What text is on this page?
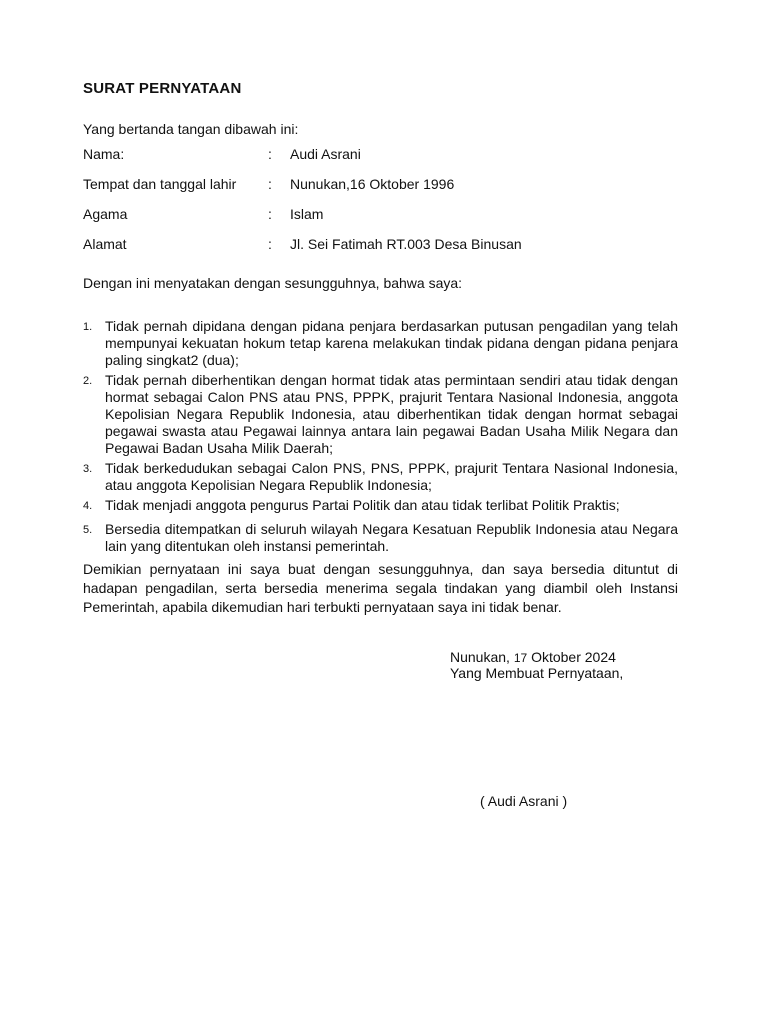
SURAT PERNYATAAN
Yang bertanda tangan dibawah ini:
Nama:	: Audi Asrani
Tempat dan tanggal lahir : Nunukan,16 Oktober 1996
Agama	: Islam
Alamat	: Jl. Sei Fatimah RT.003 Desa Binusan
Dengan ini menyatakan dengan sesungguhnya, bahwa saya:
1. Tidak pernah dipidana dengan pidana penjara berdasarkan putusan pengadilan yang telah mempunyai kekuatan hokum tetap karena melakukan tindak pidana dengan pidana penjara paling singkat2 (dua);
2. Tidak pernah diberhentikan dengan hormat tidak atas permintaan sendiri atau tidak dengan hormat sebagai Calon PNS atau PNS, PPPK, prajurit Tentara Nasional Indonesia, anggota Kepolisian Negara Republik Indonesia, atau diberhentikan tidak dengan hormat sebagai pegawai swasta atau Pegawai lainnya antara lain pegawai Badan Usaha Milik Negara dan Pegawai Badan Usaha Milik Daerah;
3. Tidak berkedudukan sebagai Calon PNS, PNS, PPPK, prajurit Tentara Nasional Indonesia, atau anggota Kepolisian Negara Republik Indonesia;
4. Tidak menjadi anggota pengurus Partai Politik dan atau tidak terlibat Politik Praktis;
5. Bersedia ditempatkan di seluruh wilayah Negara Kesatuan Republik Indonesia atau Negara lain yang ditentukan oleh instansi pemerintah.
Demikian pernyataan ini saya buat dengan sesungguhnya, dan saya bersedia dituntut di hadapan pengadilan, serta bersedia menerima segala tindakan yang diambil oleh Instansi Pemerintah, apabila dikemudian hari terbukti pernyataan saya ini tidak benar.
Nunukan, 17 Oktober 2024
Yang Membuat Pernyataan,
( Audi Asrani )
